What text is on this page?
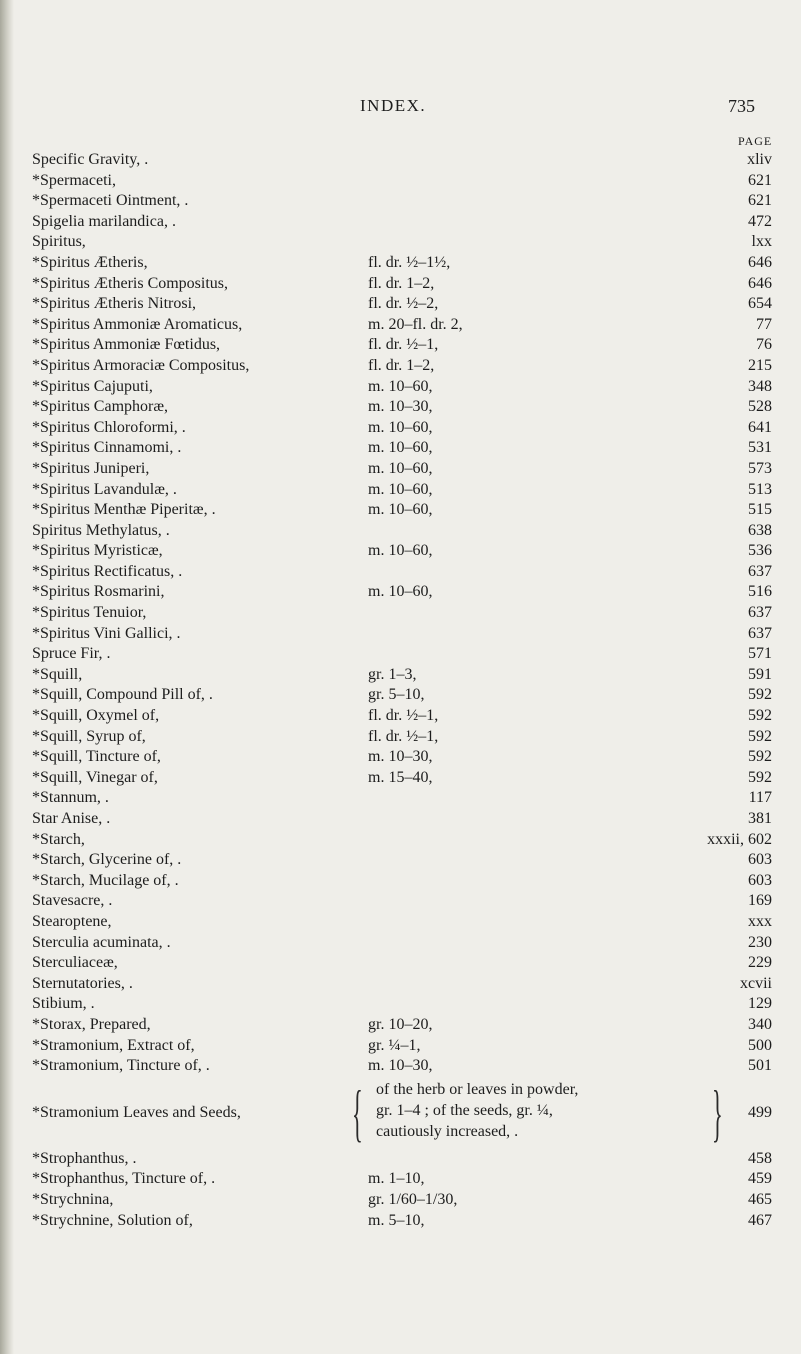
INDEX.	735
PAGE
Specific Gravity, .	xliv
*Spermaceti,	621
*Spermaceti Ointment, .	621
Spigelia marilandica, .	472
Spiritus,	lxx
*Spiritus Ætheris,	fl. dr. ½–1½,	646
*Spiritus Ætheris Compositus,	fl. dr. 1–2,	646
*Spiritus Ætheris Nitrosi,	fl. dr. ½–2,	654
*Spiritus Ammoniæ Aromaticus,	m. 20–fl. dr. 2,	77
*Spiritus Ammoniæ Fœtidus,	fl. dr. ½–1,	76
*Spiritus Armoraciæ Compositus,	fl. dr. 1–2,	215
*Spiritus Cajuputi,	m. 10–60,	348
*Spiritus Camphoræ,	m. 10–30,	528
*Spiritus Chloroformi, .	m. 10–60,	641
*Spiritus Cinnamomi, .	m. 10–60,	531
*Spiritus Juniperi,	m. 10–60,	573
*Spiritus Lavandulæ, .	m. 10–60,	513
*Spiritus Menthæ Piperitæ, .	m. 10–60,	515
Spiritus Methylatus, .	638
*Spiritus Myristicæ,	m. 10–60,	536
*Spiritus Rectificatus, .	637
*Spiritus Rosmarini,	m. 10–60,	516
*Spiritus Tenuior,	637
*Spiritus Vini Gallici, .	637
Spruce Fir, .	571
*Squill,	gr. 1–3,	591
*Squill, Compound Pill of, .	gr. 5–10,	592
*Squill, Oxymel of,	fl. dr. ½–1,	592
*Squill, Syrup of,	fl. dr. ½–1,	592
*Squill, Tincture of,	m. 10–30,	592
*Squill, Vinegar of,	m. 15–40,	592
*Stannum, .	117
Star Anise, .	381
*Starch,	xxxii, 602
*Starch, Glycerine of, .	603
*Starch, Mucilage of, .	603
Stavesacre, .	169
Stearoptene,	xxx
Sterculia acuminata, .	230
Sterculiaceæ,	229
Sternutatories, .	xcvii
Stibium, .	129
*Storax, Prepared,	gr. 10–20,	340
*Stramonium, Extract of,	gr. ¼–1,	500
*Stramonium, Tincture of, .	m. 10–30,	501
*Stramonium Leaves and Seeds, { of the herb or leaves in powder,
gr. 1–4 ; of the seeds, gr. ¼,
cautiously increased, .	} 499
*Strophanthus, .	458
*Strophanthus, Tincture of, .	m. 1–10,	459
*Strychnina,	gr. 1/60–1/30,	465
*Strychnine, Solution of,	m. 5–10,	467
